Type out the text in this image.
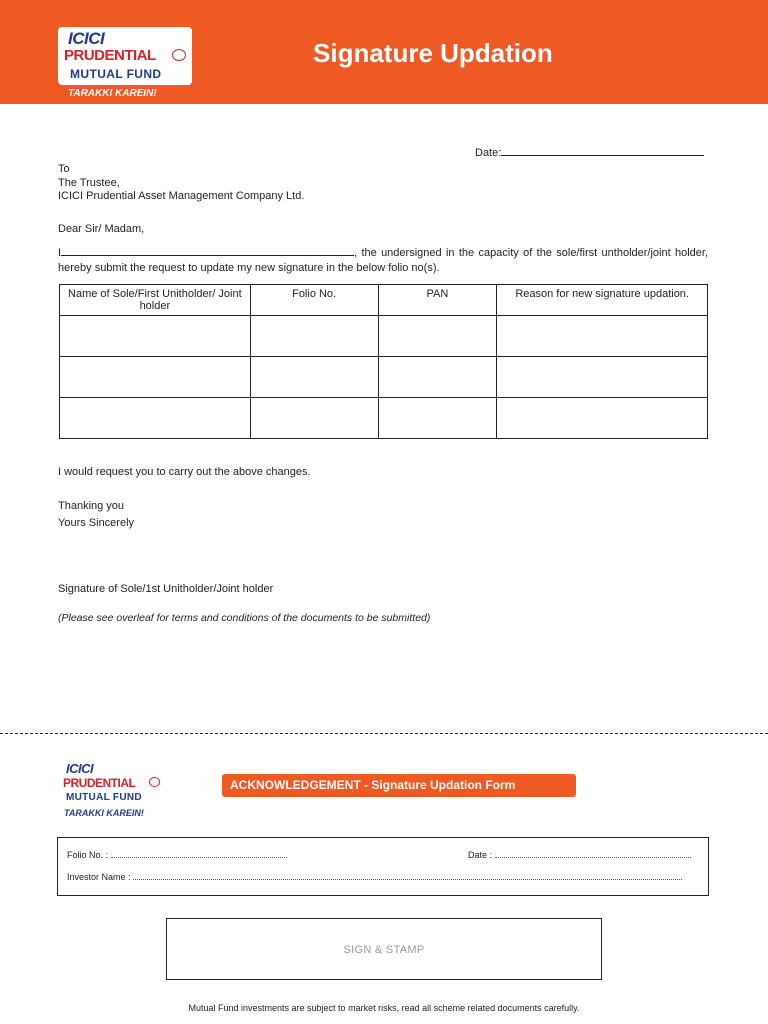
ICICI
PRUDENTIAL
MUTUAL FUND
TARAKKI KAREIN!
Signature Updation
Date:
To
The Trustee,
ICICI Prudential Asset Management Company Ltd.
Dear Sir/ Madam,
I	, the undersigned in the capacity of the sole/first untholder/joint holder, hereby submit the request to update my new signature in the below folio no(s).
Name of Sole/First Unitholder/ Joint holder	Folio No.	PAN	Reason for new signature updation.

I would request you to carry out the above changes.
Thanking you
Yours Sincerely
Signature of Sole/1st Unitholder/Joint holder
(Please see overleaf for terms and conditions of the documents to be submitted)
ICICI
PRUDENTIAL
MUTUAL FUND
TARAKKI KAREIN!
ACKNOWLEDGEMENT - Signature Updation Form
Folio No. :	Date :
Investor Name :
SIGN & STAMP
Mutual Fund investments are subject to market risks, read all scheme related documents carefully.
